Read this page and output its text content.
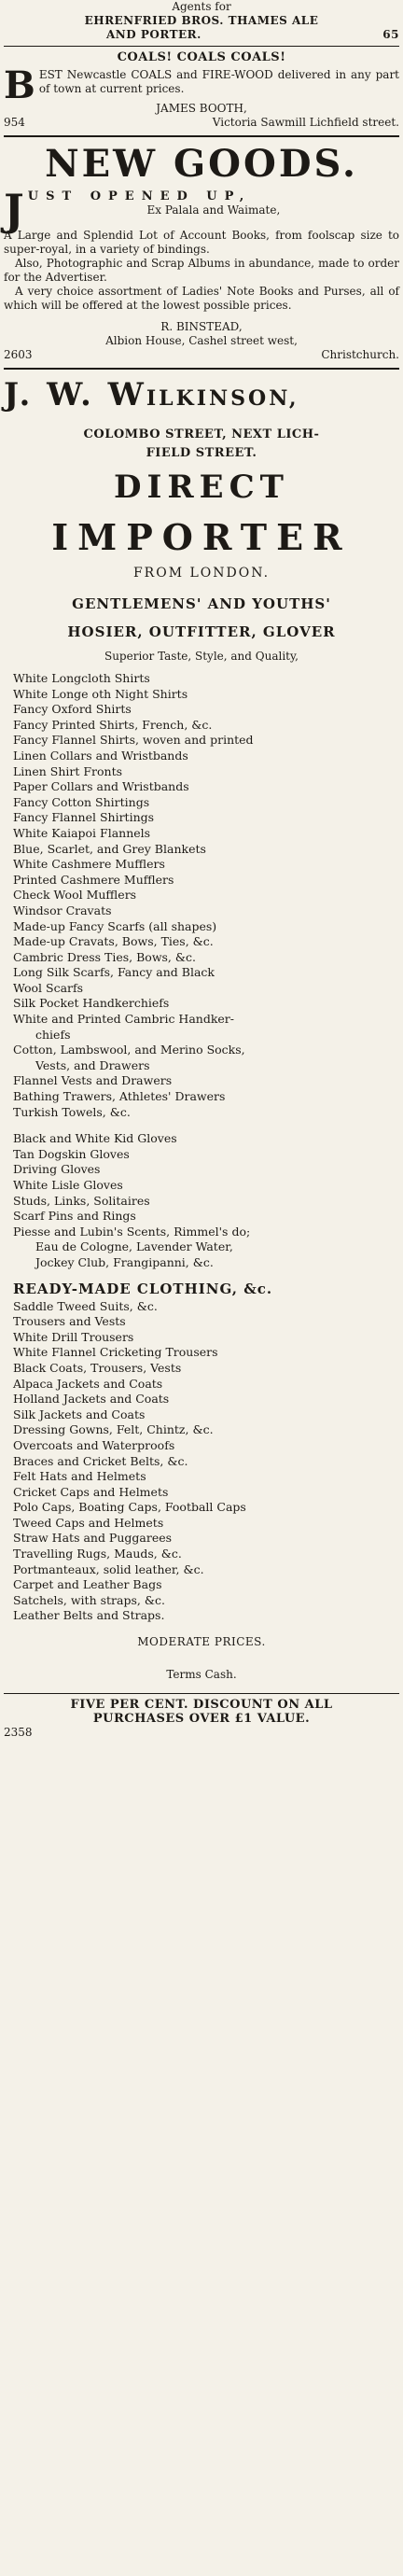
Agents for

EHRENFRIED BROS. THAMES ALE

AND PORTER.	65

COALS! COALS COALS!

B EST Newcastle COALS and FIRE-WOOD delivered in any part of town at current prices.

JAMES BOOTH,

954	Victoria Sawmill Lichfield street.

NEW GOODS.

J UST OPENED UP,

Ex Palala and Waimate,

A Large and Splendid Lot of Account Books, from foolscap size to super-royal, in a variety of bindings.

Also, Photographic and Scrap Albums in abundance, made to order for the Advertiser.

A very choice assortment of Ladies' Note Books and Purses, all of which will be offered at the lowest possible prices.

R. BINSTEAD,

Albion House, Cashel street west,

2603	Christchurch.

J. W. WILKINSON,

COLOMBO STREET, NEXT LICH-

FIELD STREET.

DIRECT

IMPORTER

FROM LONDON.

GENTLEMENS' AND YOUTHS'

HOSIER, OUTFITTER, GLOVER

Superior Taste, Style, and Quality,

White Longcloth Shirts

White Longe oth Night Shirts

Fancy Oxford Shirts

Fancy Printed Shirts, French, &c.

Fancy Flannel Shirts, woven and printed

Linen Collars and Wristbands

Linen Shirt Fronts

Paper Collars and Wristbands

Fancy Cotton Shirtings

Fancy Flannel Shirtings

White Kaiapoi Flannels

Blue, Scarlet, and Grey Blankets

White Cashmere Mufflers

Printed Cashmere Mufflers

Check Wool Mufflers

Windsor Cravats

Made-up Fancy Scarfs (all shapes)

Made-up Cravats, Bows, Ties, &c.

Cambric Dress Ties, Bows, &c.

Long Silk Scarfs, Fancy and Black

Wool Scarfs

Silk Pocket Handkerchiefs

White and Printed Cambric Handker-

chiefs

Cotton, Lambswool, and Merino Socks,

Vests, and Drawers

Flannel Vests and Drawers

Bathing Trawers, Athletes' Drawers

Turkish Towels, &c.

Black and White Kid Gloves

Tan Dogskin Gloves

Driving Gloves

White Lisle Gloves

Studs, Links, Solitaires

Scarf Pins and Rings

Piesse and Lubin's Scents, Rimmel's do;

Eau de Cologne, Lavender Water,

Jockey Club, Frangipanni, &c.

READY-MADE CLOTHING, &c.

Saddle Tweed Suits, &c.

Trousers and Vests

White Drill Trousers

White Flannel Cricketing Trousers

Black Coats, Trousers, Vests

Alpaca Jackets and Coats

Holland Jackets and Coats

Silk Jackets and Coats

Dressing Gowns, Felt, Chintz, &c.

Overcoats and Waterproofs

Braces and Cricket Belts, &c.

Felt Hats and Helmets

Cricket Caps and Helmets

Polo Caps, Boating Caps, Football Caps

Tweed Caps and Helmets

Straw Hats and Puggarees

Travelling Rugs, Mauds, &c.

Portmanteaux, solid leather, &c.

Carpet and Leather Bags

Satchels, with straps, &c.

Leather Belts and Straps.

MODERATE PRICES.

Terms Cash.

FIVE PER CENT. DISCOUNT ON ALL

PURCHASES OVER £1 VALUE.

2358
